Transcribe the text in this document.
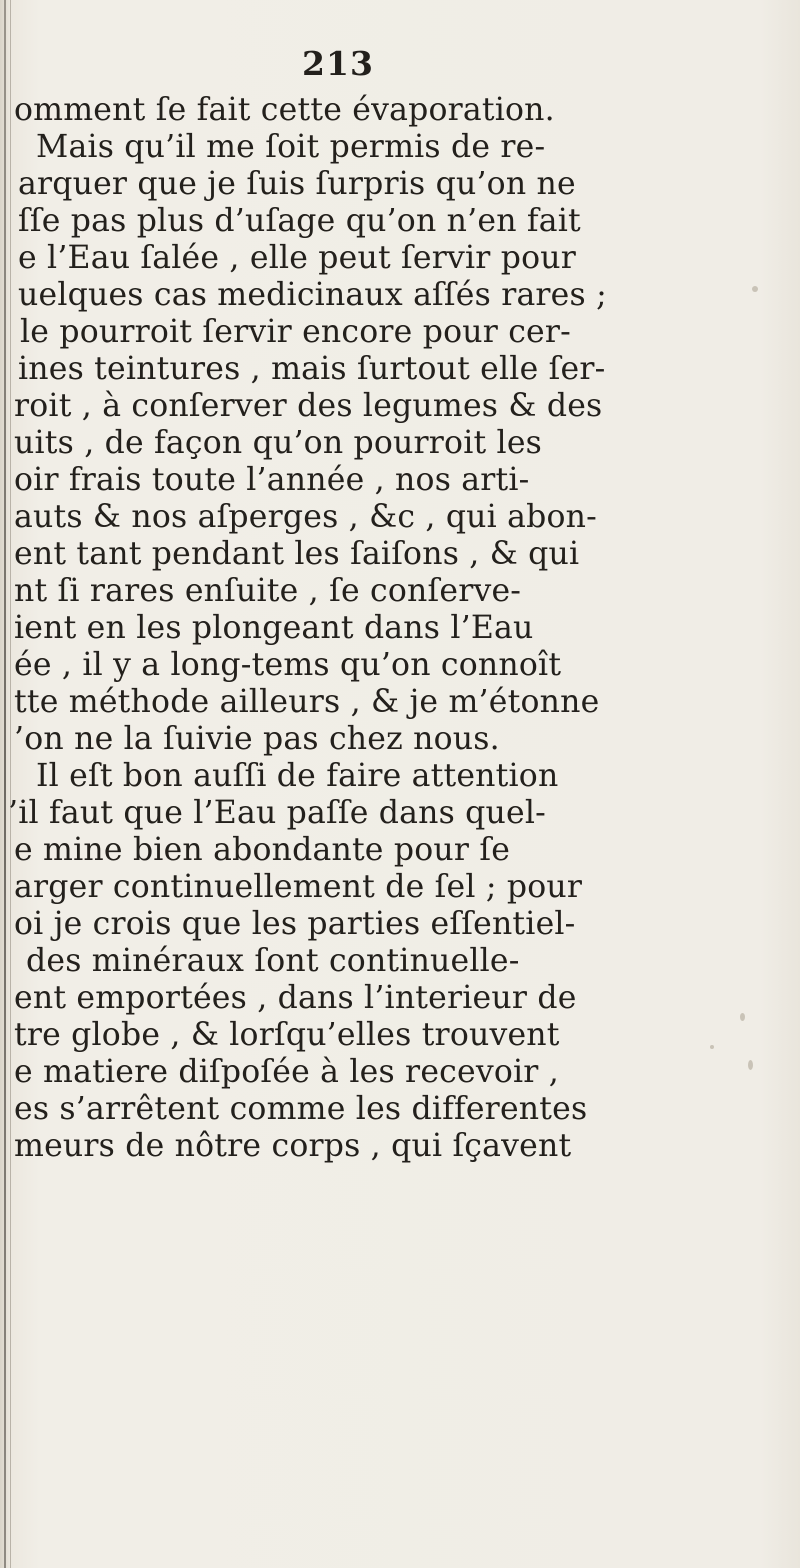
213
omment ſe fait cette évaporation.
Mais qu’il me ſoit permis de re-
arquer que je ſuis ſurpris qu’on ne
ſſe pas plus d’uſage qu’on n’en fait
e l’Eau ſalée , elle peut ſervir pour
uelques cas medicinaux aſſés rares ;
le pourroit ſervir encore pour cer-
ines teintures , mais ſurtout elle ſer-
roit , à conſerver des legumes & des
uits , de façon qu’on pourroit les
oir frais toute l’année , nos arti-
auts & nos aſperges , &c , qui abon-
ent tant pendant les ſaiſons , & qui
nt ſi rares enſuite , ſe conſerve-
ient en les plongeant dans l’Eau
ée , il y a long-tems qu’on connoît
tte méthode ailleurs , & je m’étonne
’on ne la ſuivie pas chez nous.
Il eſt bon auſſi de faire attention
’il faut que l’Eau paſſe dans quel-
e mine bien abondante pour ſe
arger continuellement de ſel ; pour
oi je crois que les parties eſſentiel-
des minéraux ſont continuelle-
ent emportées , dans l’interieur de
tre globe , & lorſqu’elles trouvent
e matiere diſpoſée à les recevoir ,
es s’arrêtent comme les differentes
meurs de nôtre corps , qui ſçavent
